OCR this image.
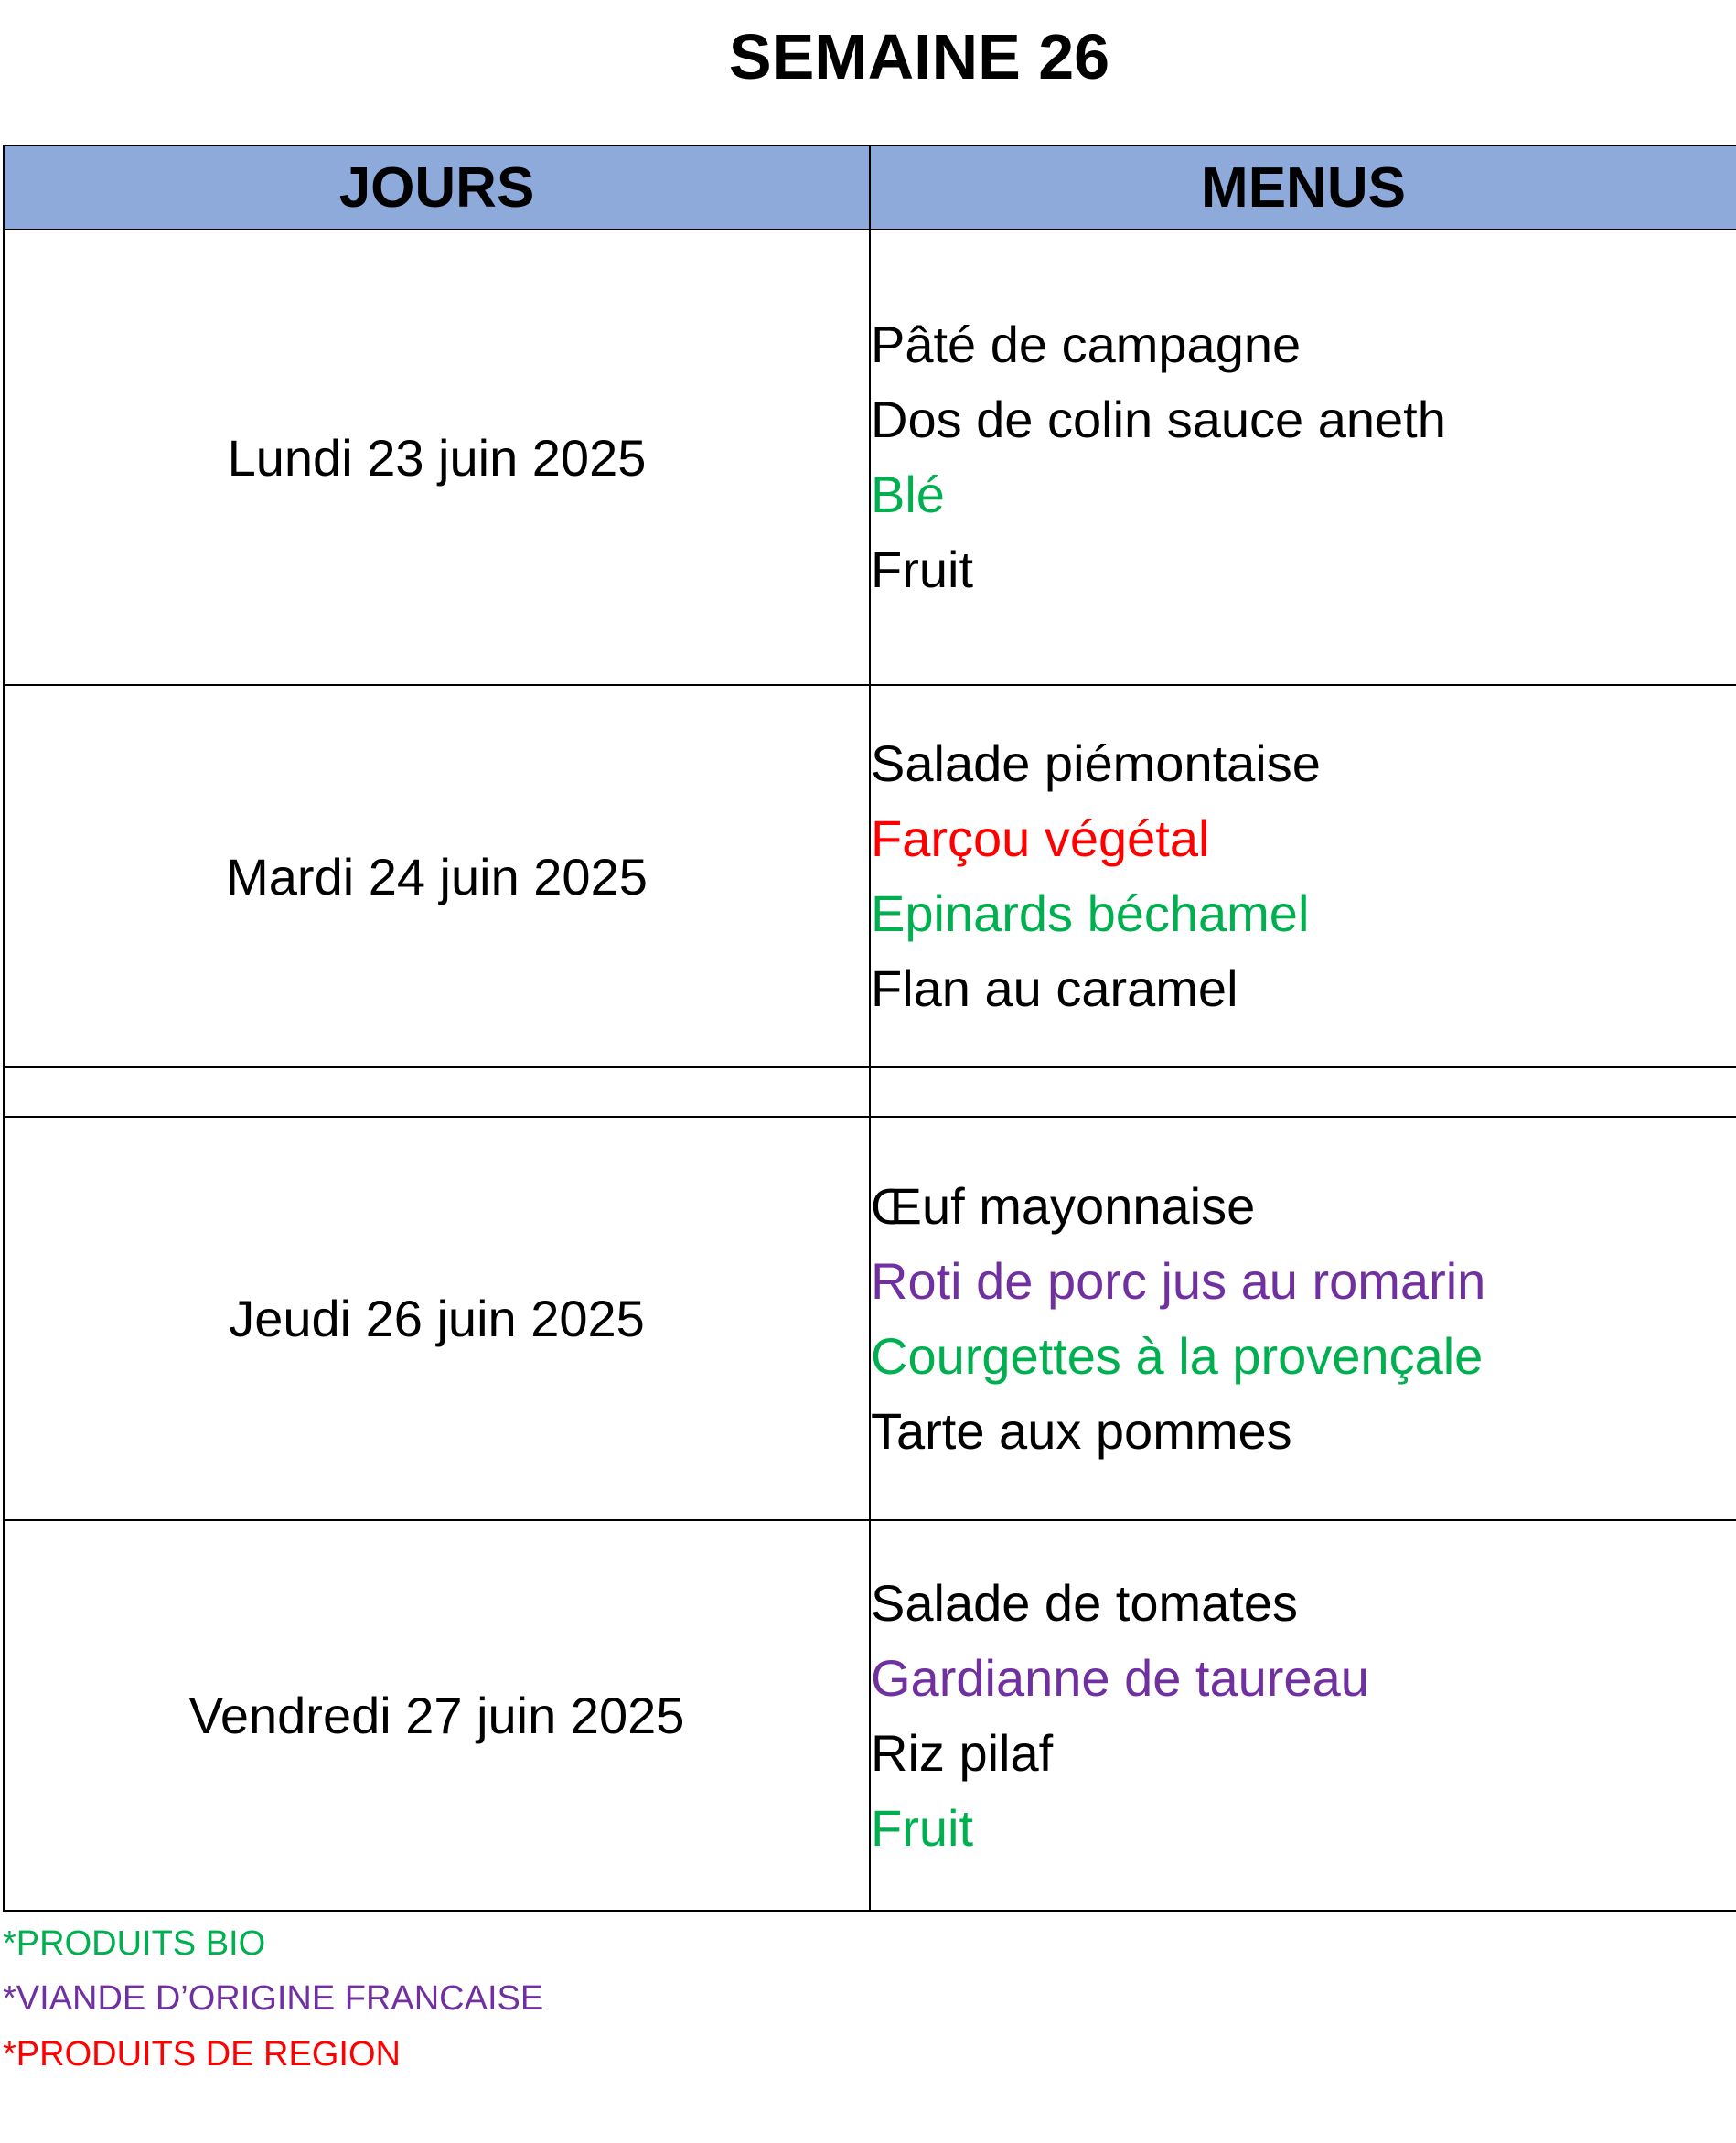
SEMAINE 26
JOURS	MENUS
Lundi 23 juin 2025	Pâté de campagne
Dos de colin sauce aneth
Blé
Fruit

Mardi 24 juin 2025	Salade piémontaise
Farçou végétal
Epinards béchamel
Flan au caramel

Jeudi 26 juin 2025	Œuf mayonnaise
Roti de porc jus au romarin
Courgettes à la provençale
Tarte aux pommes

Vendredi 27 juin 2025	Salade de tomates
Gardianne de taureau
Riz pilaf
Fruit
*PRODUITS BIO
*VIANDE D’ORIGINE FRANCAISE
*PRODUITS DE REGION
